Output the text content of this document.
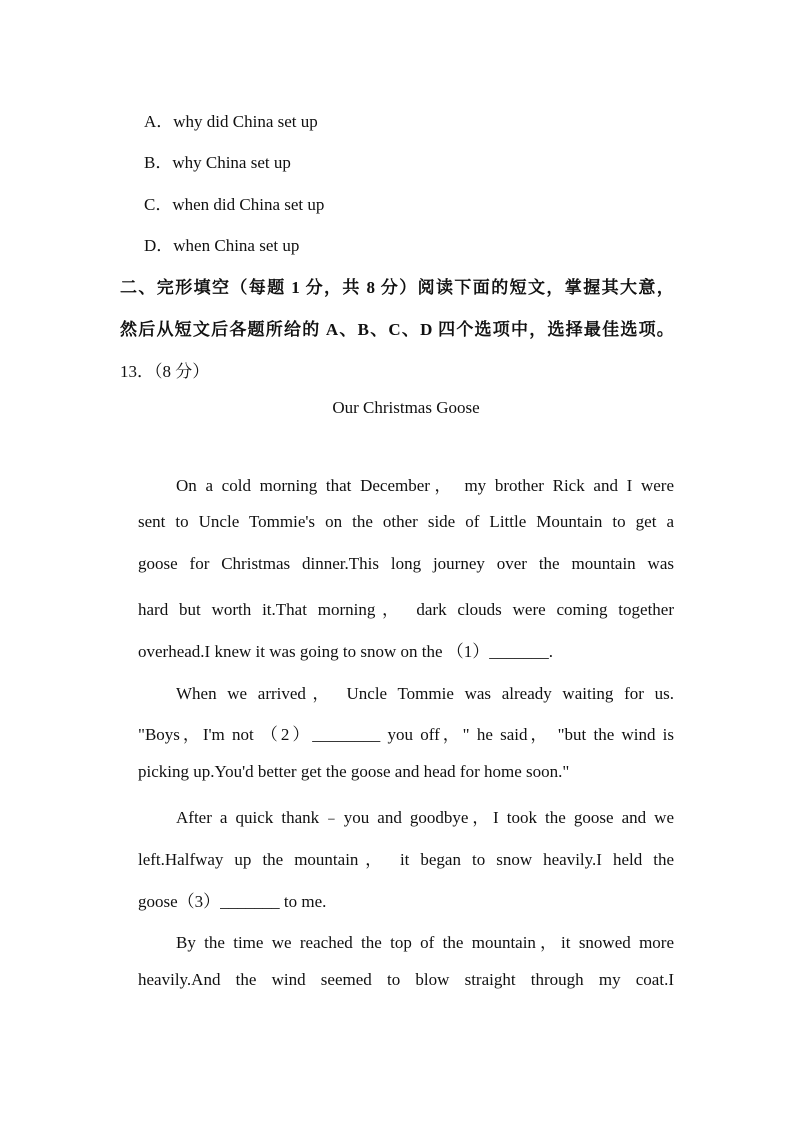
A．why did China set up
B．why China set up
C．when did China set up
D．when China set up
二、完形填空（每题 1 分，共 8 分）阅读下面的短文，掌握其大意，
然后从短文后各题所给的 A、B、C、D 四个选项中，选择最佳选项。
13．（8 分）
Our Christmas Goose
On a cold morning that December， my brother Rick and I were
sent to Uncle Tommie's on the other side of Little Mountain to get a
goose for Christmas dinner.This long journey over the mountain was
hard but worth it.That morning， dark clouds were coming together
overhead.I knew it was going to snow on the （1）_______.
When we arrived， Uncle Tommie was already waiting for us.
"Boys，I'm not （2）________ you off，" he said， "but the wind is
picking up.You'd better get the goose and head for home soon."
After a quick thank﹣you and goodbye，I took the goose and we
left.Halfway up the mountain， it began to snow heavily.I held the
goose（3）_______ to me.
By the time we reached the top of the mountain，it snowed more
heavily.And the wind seemed to blow straight through my coat.I
